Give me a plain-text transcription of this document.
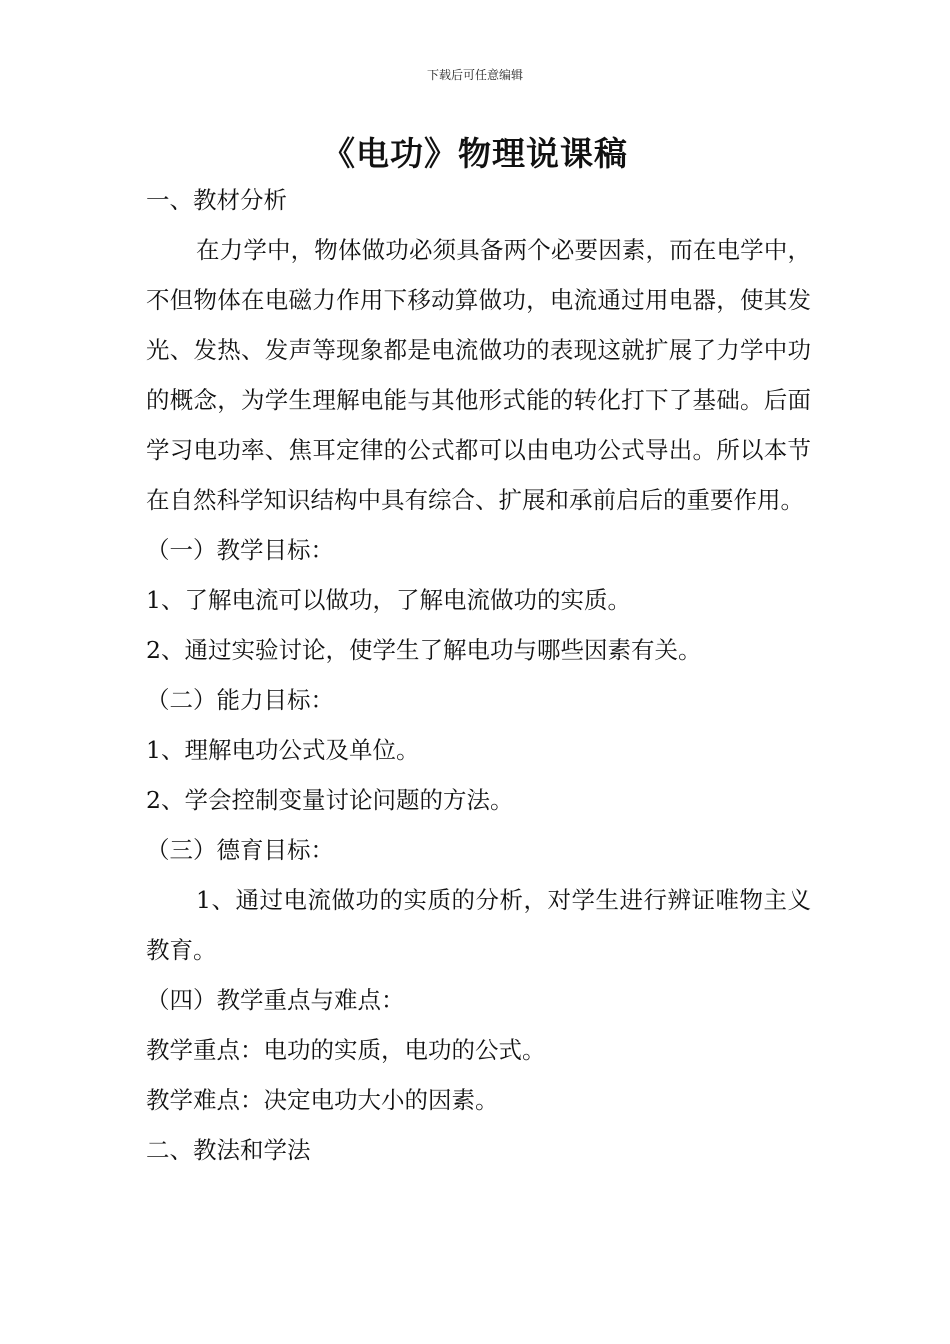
下载后可任意编辑
《电功》物理说课稿

一、教材分析

在力学中，物体做功必须具备两个必要因素，而在电学中，不但物体在电磁力作用下移动算做功，电流通过用电器，使其发光、发热、发声等现象都是电流做功的表现这就扩展了力学中功的概念，为学生理解电能与其他形式能的转化打下了基础。后面学习电功率、焦耳定律的公式都可以由电功公式导出。所以本节在自然科学知识结构中具有综合、扩展和承前启后的重要作用。

（一）教学目标：

1、了解电流可以做功，了解电流做功的实质。

2、通过实验讨论，使学生了解电功与哪些因素有关。

（二）能力目标：

1、理解电功公式及单位。

2、学会控制变量讨论问题的方法。

（三）德育目标：

1、通过电流做功的实质的分析，对学生进行辨证唯物主义教育。

（四）教学重点与难点：

教学重点：电功的实质，电功的公式。

教学难点：决定电功大小的因素。

二、教法和学法
